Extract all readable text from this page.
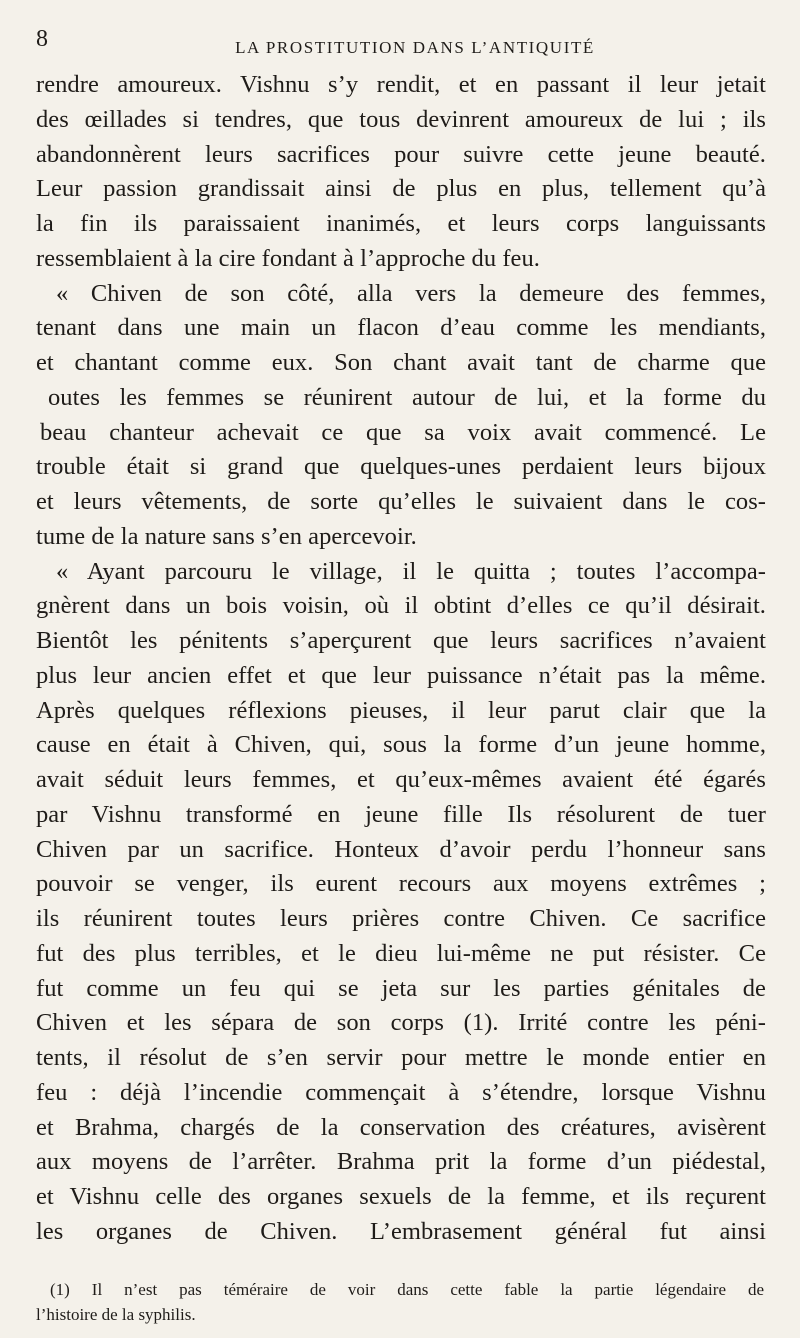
8	LA PROSTITUTION DANS L’ANTIQUITÉ
rendre amoureux. Vishnu s’y rendit, et en passant il leur jetait
des œillades si tendres, que tous devinrent amoureux de lui ; ils
abandonnèrent leurs sacrifices pour suivre cette jeune beauté.
Leur passion grandissait ainsi de plus en plus, tellement qu’à
la fin ils paraissaient inanimés, et leurs corps languissants
ressemblaient à la cire fondant à l’approche du feu.
« Chiven de son côté, alla vers la demeure des femmes,
tenant dans une main un flacon d’eau comme les mendiants,
et chantant comme eux. Son chant avait tant de charme que
outes les femmes se réunirent autour de lui, et la forme du
beau chanteur achevait ce que sa voix avait commencé. Le
trouble était si grand que quelques-unes perdaient leurs bijoux
et leurs vêtements, de sorte qu’elles le suivaient dans le cos-
tume de la nature sans s’en apercevoir.
« Ayant parcouru le village, il le quitta ; toutes l’accompa-
gnèrent dans un bois voisin, où il obtint d’elles ce qu’il désirait.
Bientôt les pénitents s’aperçurent que leurs sacrifices n’avaient
plus leur ancien effet et que leur puissance n’était pas la même.
Après quelques réflexions pieuses, il leur parut clair que la
cause en était à Chiven, qui, sous la forme d’un jeune homme,
avait séduit leurs femmes, et qu’eux-mêmes avaient été égarés
par Vishnu transformé en jeune fille Ils résolurent de tuer
Chiven par un sacrifice. Honteux d’avoir perdu l’honneur sans
pouvoir se venger, ils eurent recours aux moyens extrêmes ;
ils réunirent toutes leurs prières contre Chiven. Ce sacrifice
fut des plus terribles, et le dieu lui-même ne put résister. Ce
fut comme un feu qui se jeta sur les parties génitales de
Chiven et les sépara de son corps (1). Irrité contre les péni-
tents, il résolut de s’en servir pour mettre le monde entier en
feu : déjà l’incendie commençait à s’étendre, lorsque Vishnu
et Brahma, chargés de la conservation des créatures, avisèrent
aux moyens de l’arrêter. Brahma prit la forme d’un piédestal,
et Vishnu celle des organes sexuels de la femme, et ils reçurent
les organes de Chiven. L’embrasement général fut ainsi
(1) Il n’est pas téméraire de voir dans cette fable la partie légendaire de
l’histoire de la syphilis.
